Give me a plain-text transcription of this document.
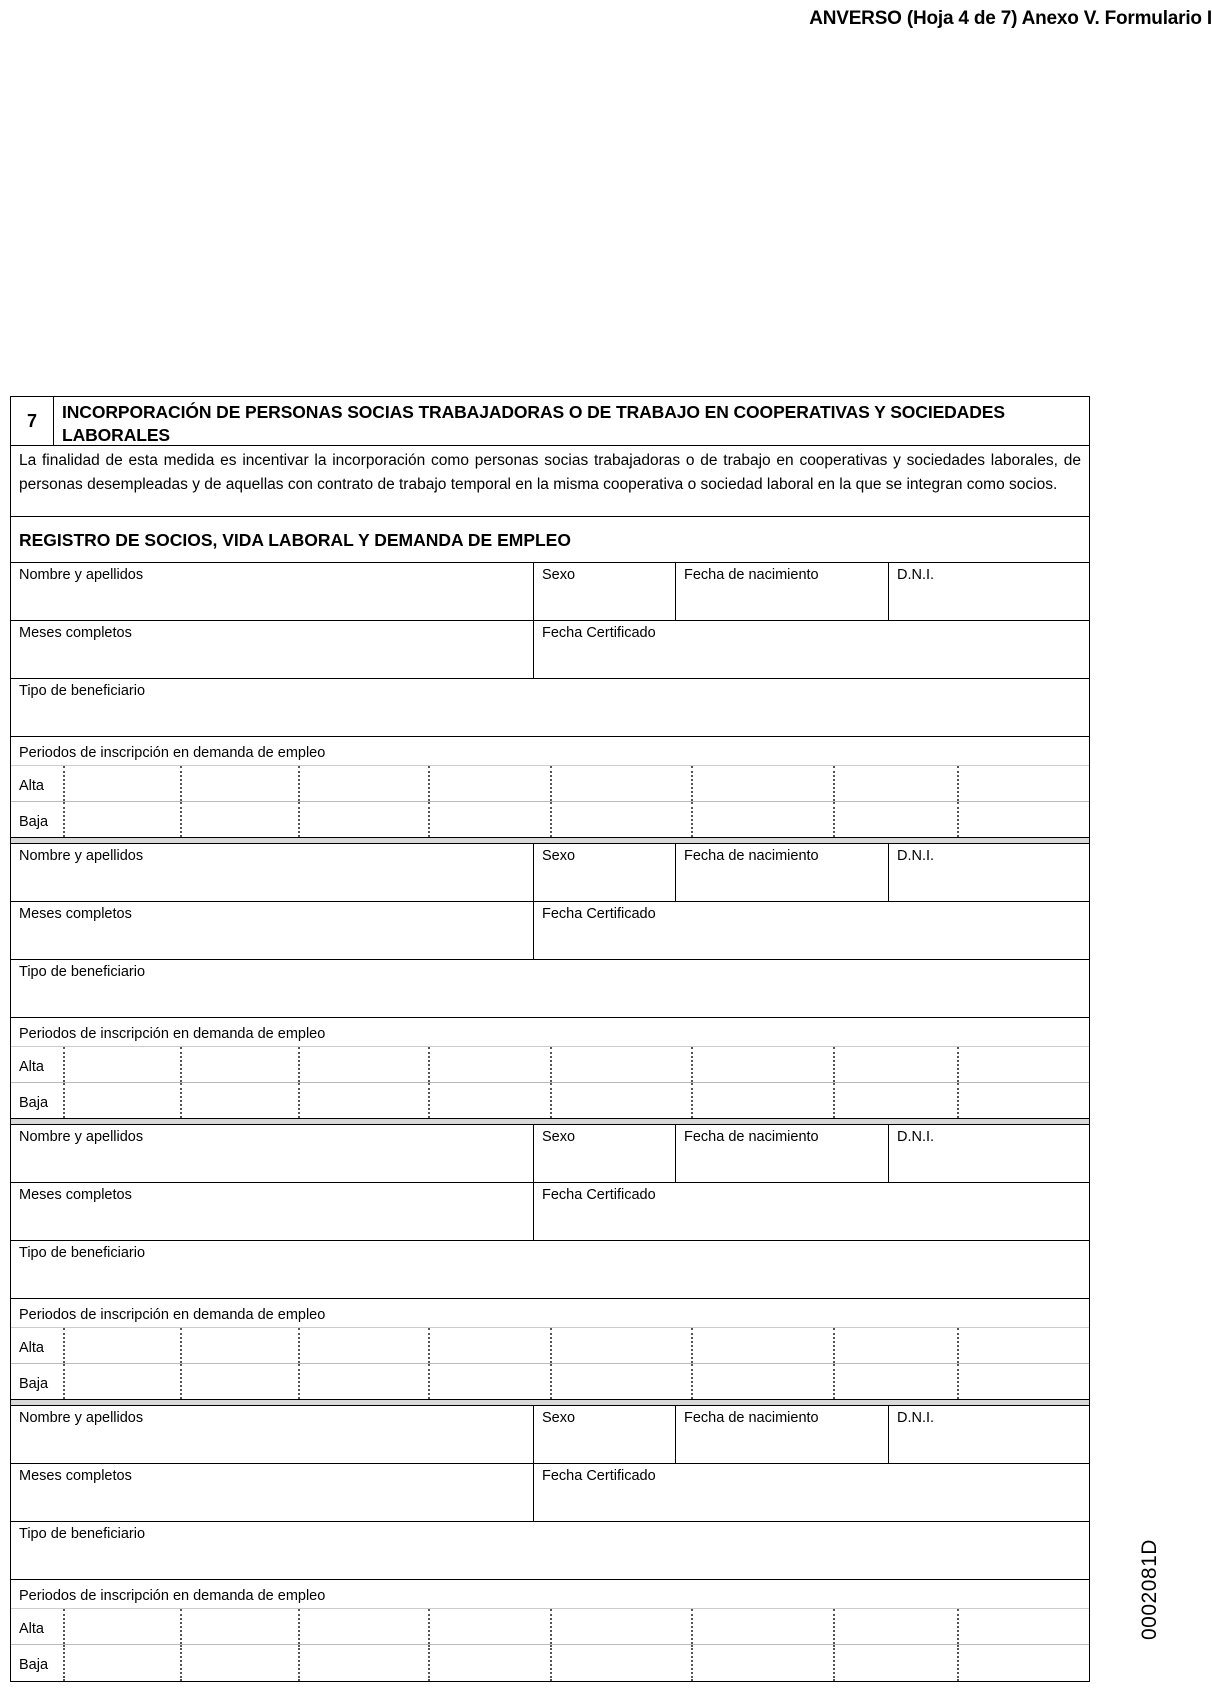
ANVERSO (Hoja 4 de 7) Anexo V. Formulario I
0002081D
7	INCORPORACIÓN DE PERSONAS SOCIAS TRABAJADORAS O DE TRABAJO EN COOPERATIVAS Y SOCIEDADES LABORALES
La finalidad de esta medida es incentivar la incorporación como personas socias trabajadoras o de trabajo en cooperativas y sociedades laborales, de personas desempleadas y de aquellas con contrato de trabajo temporal en la misma cooperativa o sociedad laboral en la que se integran como socios.
REGISTRO DE SOCIOS, VIDA LABORAL Y DEMANDA DE EMPLEO
Nombre y apellidos	Sexo	Fecha de nacimiento	D.N.I.
Meses completos	Fecha Certificado
Tipo de beneficiario
Periodos de inscripción en demanda de empleo
Alta
Baja
Nombre y apellidos	Sexo	Fecha de nacimiento	D.N.I.
Meses completos	Fecha Certificado
Tipo de beneficiario
Periodos de inscripción en demanda de empleo
Alta
Baja
Nombre y apellidos	Sexo	Fecha de nacimiento	D.N.I.
Meses completos	Fecha Certificado
Tipo de beneficiario
Periodos de inscripción en demanda de empleo
Alta
Baja
Nombre y apellidos	Sexo	Fecha de nacimiento	D.N.I.
Meses completos	Fecha Certificado
Tipo de beneficiario
Periodos de inscripción en demanda de empleo
Alta
Baja
